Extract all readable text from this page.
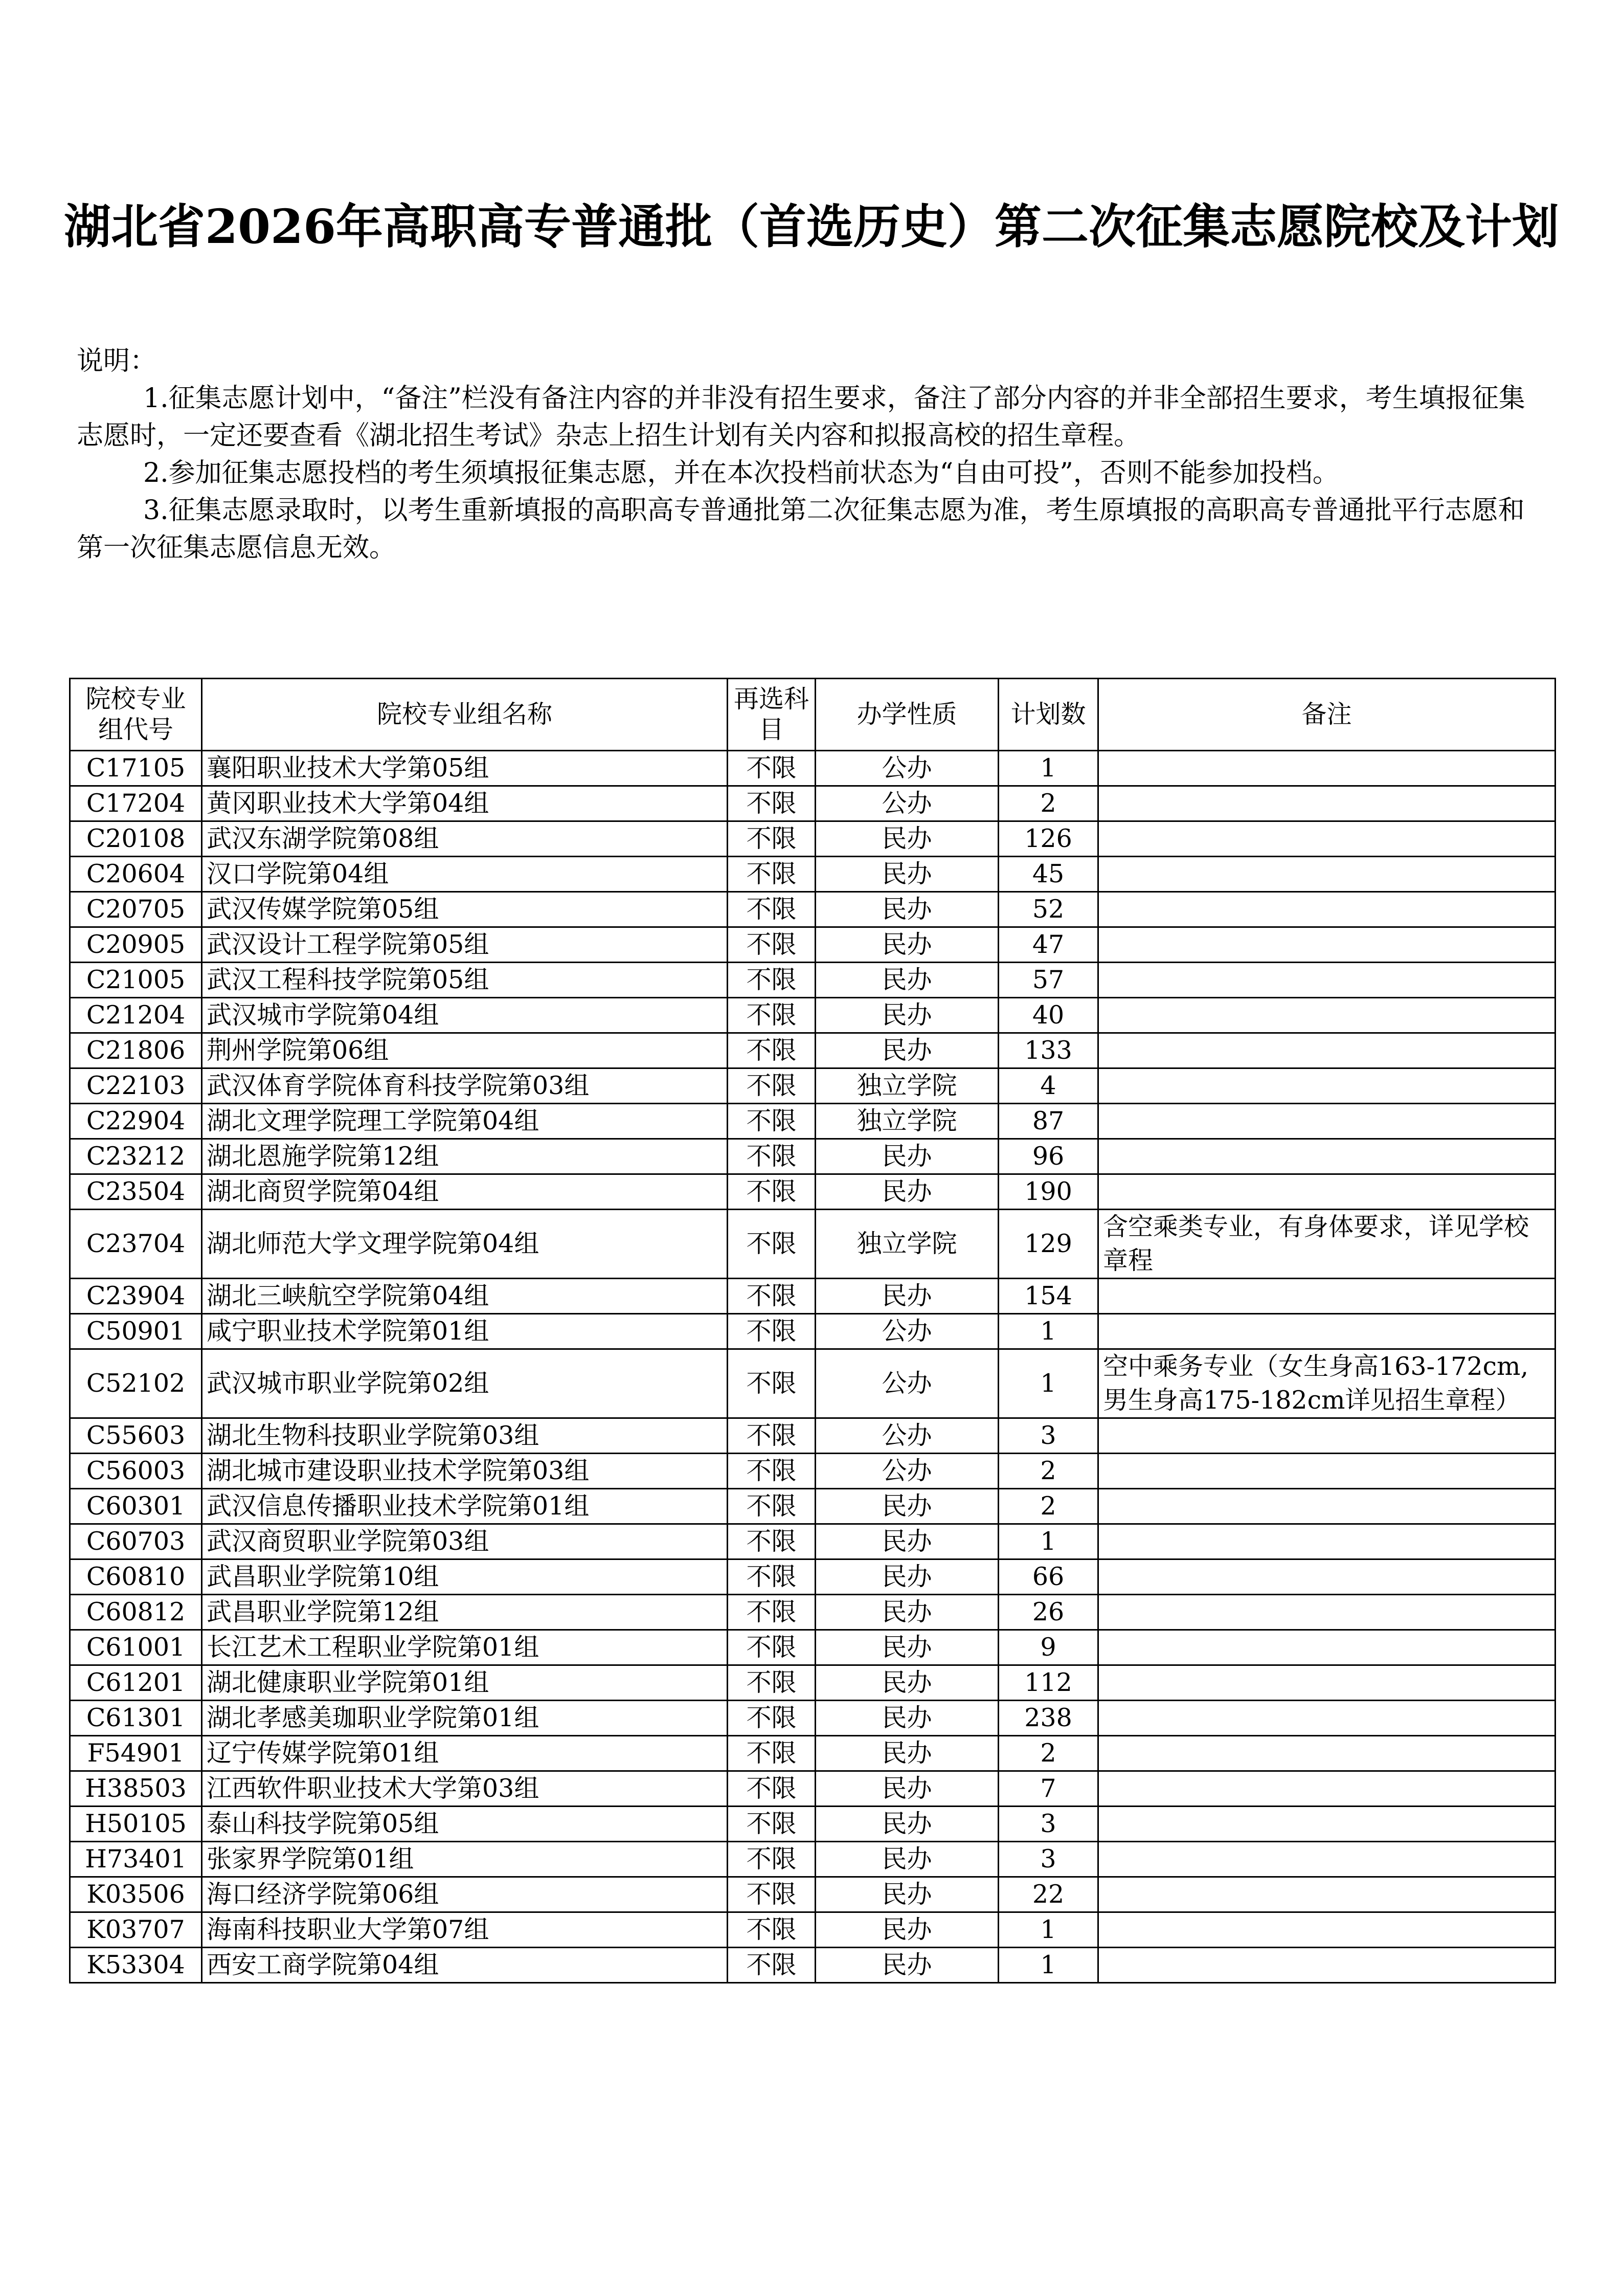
湖北省2026年高职高专普通批（首选历史）第二次征集志愿院校及计划

说明：

1.征集志愿计划中，“备注”栏没有备注内容的并非没有招生要求，备注了部分内容的并非全部招生要求，考生填报征集志愿时，一定还要查看《湖北招生考试》杂志上招生计划有关内容和拟报高校的招生章程。

2.参加征集志愿投档的考生须填报征集志愿，并在本次投档前状态为“自由可投”，否则不能参加投档。

3.征集志愿录取时，以考生重新填报的高职高专普通批第二次征集志愿为准，考生原填报的高职高专普通批平行志愿和第一次征集志愿信息无效。

院校专业组代号	院校专业组名称	再选科目	办学性质	计划数	备注
C17105	襄阳职业技术大学第05组	不限	公办	1	
C17204	黄冈职业技术大学第04组	不限	公办	2	
C20108	武汉东湖学院第08组	不限	民办	126	
C20604	汉口学院第04组	不限	民办	45	
C20705	武汉传媒学院第05组	不限	民办	52	
C20905	武汉设计工程学院第05组	不限	民办	47	
C21005	武汉工程科技学院第05组	不限	民办	57	
C21204	武汉城市学院第04组	不限	民办	40	
C21806	荆州学院第06组	不限	民办	133	
C22103	武汉体育学院体育科技学院第03组	不限	独立学院	4	
C22904	湖北文理学院理工学院第04组	不限	独立学院	87	
C23212	湖北恩施学院第12组	不限	民办	96	
C23504	湖北商贸学院第04组	不限	民办	190	
C23704	湖北师范大学文理学院第04组	不限	独立学院	129	含空乘类专业，有身体要求，详见学校章程
C23904	湖北三峡航空学院第04组	不限	民办	154	
C50901	咸宁职业技术学院第01组	不限	公办	1	
C52102	武汉城市职业学院第02组	不限	公办	1	空中乘务专业（女生身高163-172cm,男生身高175-182cm详见招生章程）
C55603	湖北生物科技职业学院第03组	不限	公办	3	
C56003	湖北城市建设职业技术学院第03组	不限	公办	2	
C60301	武汉信息传播职业技术学院第01组	不限	民办	2	
C60703	武汉商贸职业学院第03组	不限	民办	1	
C60810	武昌职业学院第10组	不限	民办	66	
C60812	武昌职业学院第12组	不限	民办	26	
C61001	长江艺术工程职业学院第01组	不限	民办	9	
C61201	湖北健康职业学院第01组	不限	民办	112	
C61301	湖北孝感美珈职业学院第01组	不限	民办	238	
F54901	辽宁传媒学院第01组	不限	民办	2	
H38503	江西软件职业技术大学第03组	不限	民办	7	
H50105	泰山科技学院第05组	不限	民办	3	
H73401	张家界学院第01组	不限	民办	3	
K03506	海口经济学院第06组	不限	民办	22	
K03707	海南科技职业大学第07组	不限	民办	1	
K53304	西安工商学院第04组	不限	民办	1	
